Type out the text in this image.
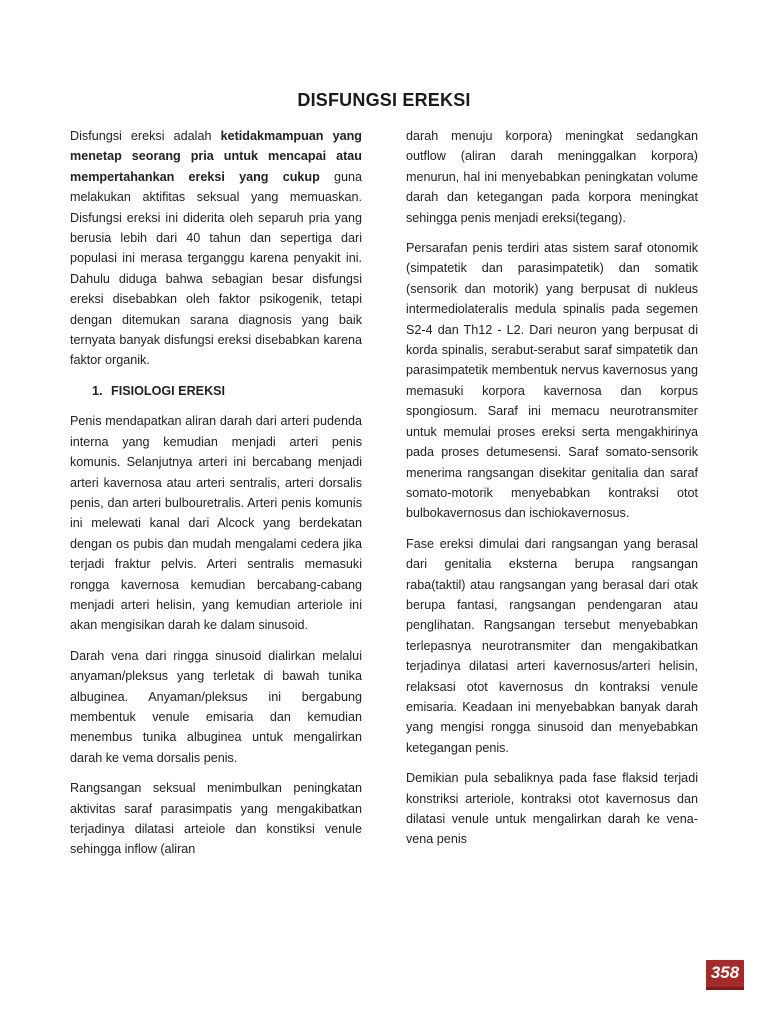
DISFUNGSI EREKSI

Disfungsi ereksi adalah ketidakmampuan yang menetap seorang pria untuk mencapai atau mempertahankan ereksi yang cukup guna melakukan aktifitas seksual yang memuaskan. Disfungsi ereksi ini diderita oleh separuh pria yang berusia lebih dari 40 tahun dan sepertiga dari populasi ini merasa terganggu karena penyakit ini. Dahulu diduga bahwa sebagian besar disfungsi ereksi disebabkan oleh faktor psikogenik, tetapi dengan ditemukan sarana diagnosis yang baik ternyata banyak disfungsi ereksi disebabkan karena faktor organik.

1. FISIOLOGI EREKSI

Penis mendapatkan aliran darah dari arteri pudenda interna yang kemudian menjadi arteri penis komunis. Selanjutnya arteri ini bercabang menjadi arteri kavernosa atau arteri sentralis, arteri dorsalis penis, dan arteri bulbouretralis. Arteri penis komunis ini melewati kanal dari Alcock yang berdekatan dengan os pubis dan mudah mengalami cedera jika terjadi fraktur pelvis. Arteri sentralis memasuki rongga kavernosa kemudian bercabang-cabang menjadi arteri helisin, yang kemudian arteriole ini akan mengisikan darah ke dalam sinusoid.

Darah vena dari ringga sinusoid dialirkan melalui anyaman/pleksus yang terletak di bawah tunika albuginea. Anyaman/pleksus ini bergabung membentuk venule emisaria dan kemudian menembus tunika albuginea untuk mengalirkan darah ke vema dorsalis penis.

Rangsangan seksual menimbulkan peningkatan aktivitas saraf parasimpatis yang mengakibatkan terjadinya dilatasi arteiole dan konstiksi venule sehingga inflow (aliran

darah menuju korpora) meningkat sedangkan outflow (aliran darah meninggalkan korpora) menurun, hal ini menyebabkan peningkatan volume darah dan ketegangan pada korpora meningkat sehingga penis menjadi ereksi(tegang).

Persarafan penis terdiri atas sistem saraf otonomik (simpatetik dan parasimpatetik) dan somatik (sensorik dan motorik) yang berpusat di nukleus intermediolateralis medula spinalis pada segemen S2-4 dan Th12 - L2. Dari neuron yang berpusat di korda spinalis, serabut-serabut saraf simpatetik dan parasimpatetik membentuk nervus kavernosus yang memasuki korpora kavernosa dan korpus spongiosum. Saraf ini memacu neurotransmiter untuk memulai proses ereksi serta mengakhirinya pada proses detumesensi. Saraf somato-sensorik menerima rangsangan disekitar genitalia dan saraf somato-motorik menyebabkan kontraksi otot bulbokavernosus dan ischiokavernosus.

Fase ereksi dimulai dari rangsangan yang berasal dari genitalia eksterna berupa rangsangan raba(taktil) atau rangsangan yang berasal dari otak berupa fantasi, rangsangan pendengaran atau penglihatan. Rangsangan tersebut menyebabkan terlepasnya neurotransmiter dan mengakibatkan terjadinya dilatasi arteri kavernosus/arteri helisin, relaksasi otot kavernosus dn kontraksi venule emisaria. Keadaan ini menyebabkan banyak darah yang mengisi rongga sinusoid dan menyebabkan ketegangan penis.

Demikian pula sebaliknya pada fase flaksid terjadi konstriksi arteriole, kontraksi otot kavernosus dan dilatasi venule untuk mengalirkan darah ke vena-vena penis

358
